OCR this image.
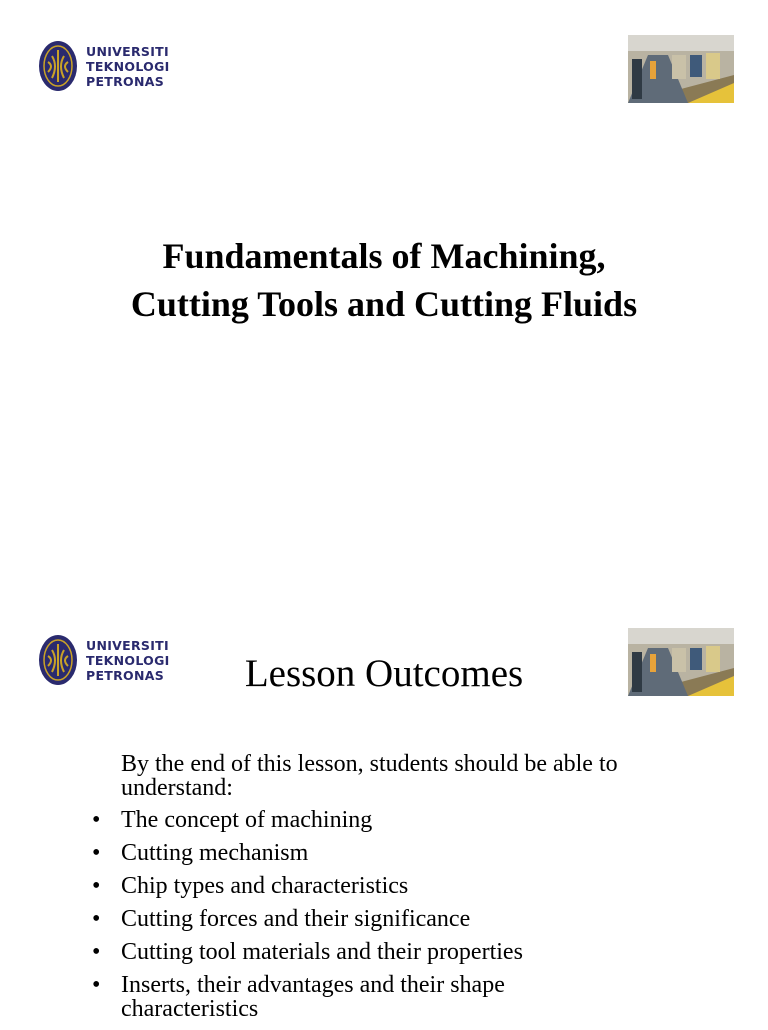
UNIVERSITI
TEKNOLOGI
PETRONAS
Fundamentals of Machining,
Cutting Tools and Cutting Fluids
UNIVERSITI
TEKNOLOGI
PETRONAS	Lesson Outcomes

By the end of this lesson, students should be able to understand:

• The concept of machining
• Cutting mechanism
• Chip types and characteristics
• Cutting forces and their significance
• Cutting tool materials and their properties
• Inserts, their advantages and their shape characteristics
